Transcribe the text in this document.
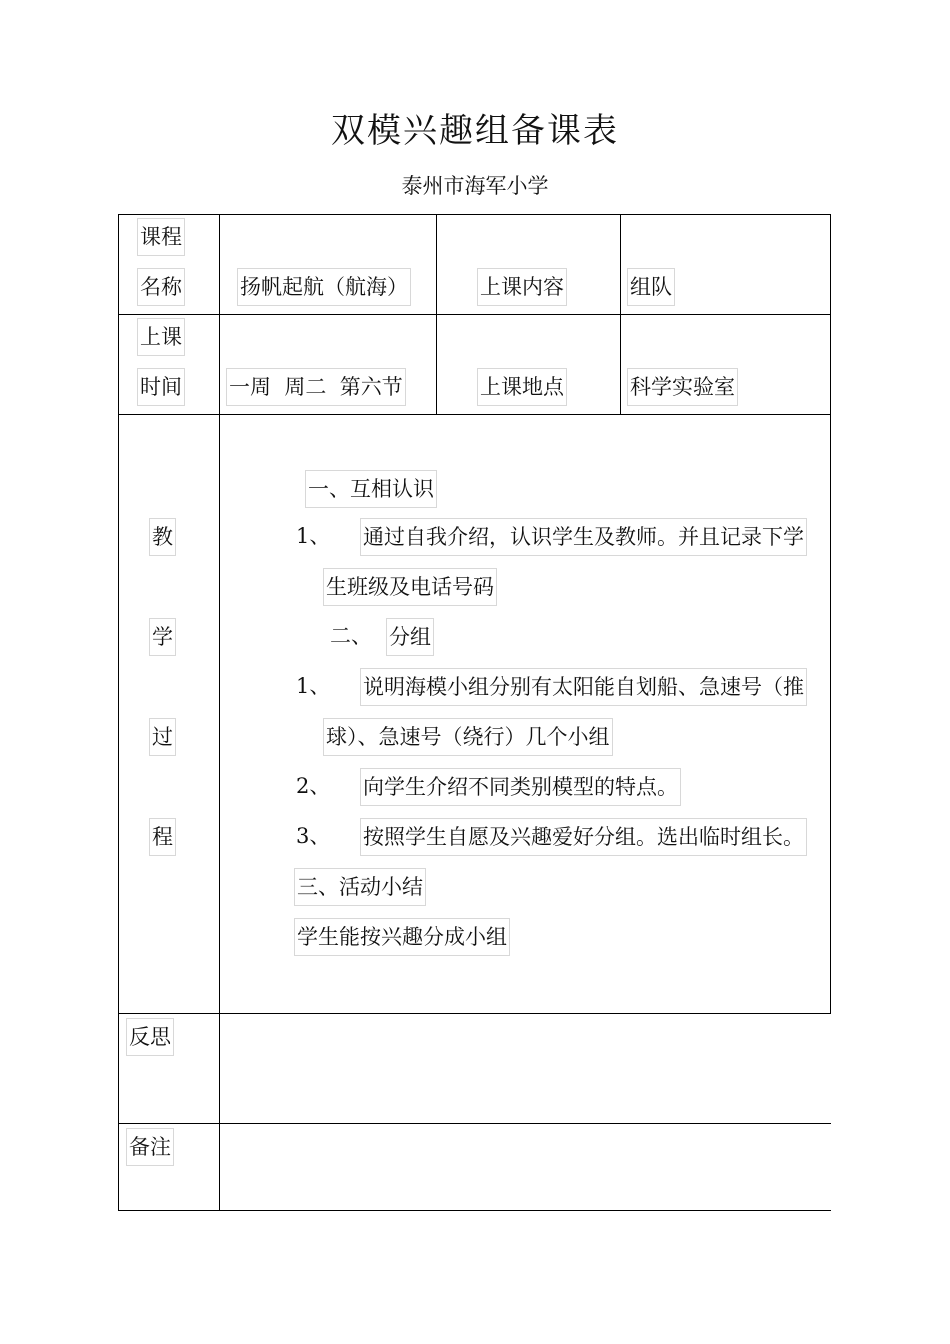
双模兴趣组备课表
泰州市海军小学
课程
名称	扬帆起航（航海）	上课内容	组队
上课
时间 一周  周二  第六节	上课地点	科学实验室
教
学
过
程
一、互相认识
1、 通过自我介绍，认识学生及教师。并且记录下学
生班级及电话号码
二、 分组
1、 说明海模小组分别有太阳能自划船、急速号（推
球）、急速号（绕行）几个小组
2、 向学生介绍不同类别模型的特点。
3、 按照学生自愿及兴趣爱好分组。选出临时组长。
三、活动小结
学生能按兴趣分成小组
反思
备注
